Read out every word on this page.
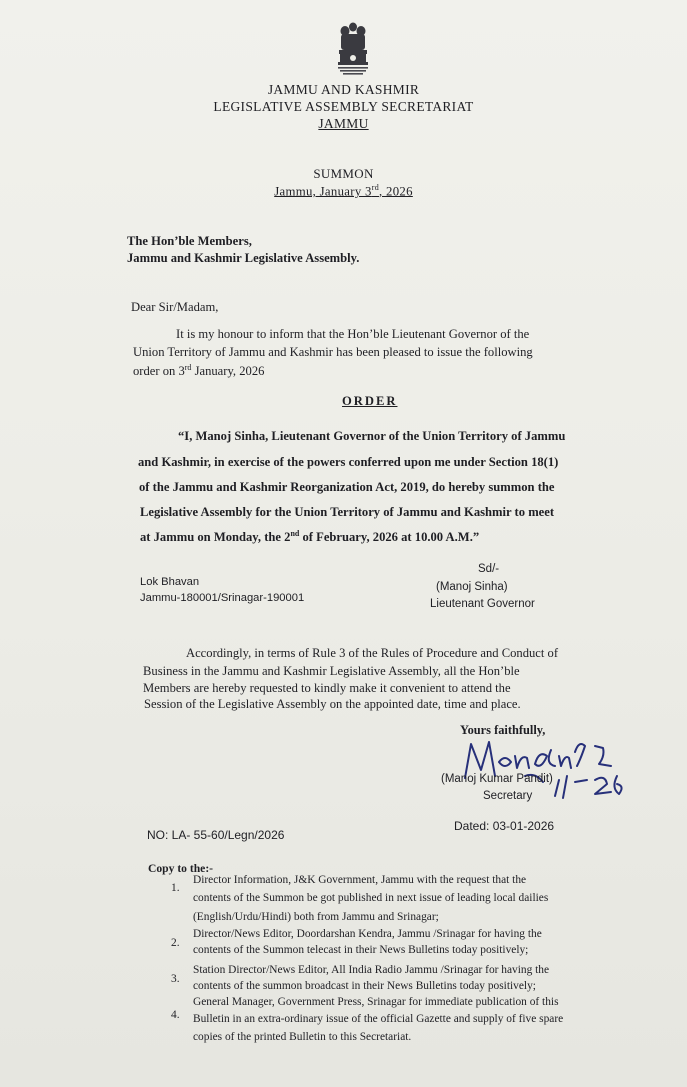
JAMMU AND KASHMIR
LEGISLATIVE ASSEMBLY SECRETARIAT
JAMMU
SUMMON
Jammu, January 3rd, 2026
The Hon’ble Members,
Jammu and Kashmir Legislative Assembly.
Dear Sir/Madam,
It is my honour to inform that the Hon’ble Lieutenant Governor of the
Union Territory of Jammu and Kashmir has been pleased to issue the following
order on 3rd January, 2026
ORDER
“I, Manoj Sinha, Lieutenant Governor of the Union Territory of Jammu
and Kashmir, in exercise of the powers conferred upon me under Section 18(1)
of the Jammu and Kashmir Reorganization Act, 2019, do hereby summon the
Legislative Assembly for the Union Territory of Jammu and Kashmir to meet
at Jammu on Monday, the 2nd of February, 2026 at 10.00 A.M.”
Lok Bhavan
Jammu-180001/Srinagar-190001
Sd/-
(Manoj Sinha)
Lieutenant Governor
Accordingly, in terms of Rule 3 of the Rules of Procedure and Conduct of
Business in the Jammu and Kashmir Legislative Assembly, all the Hon’ble
Members are hereby requested to kindly make it convenient to attend the
Session of the Legislative Assembly on the appointed date, time and place.
Yours faithfully,
(Manoj Kumar Pandit)
Secretary
NO: LA- 55-60/Legn/2026
Dated: 03-01-2026
Copy to the:-
1.
Director Information, J&K Government, Jammu with the request that the
contents of the Summon be got published in next issue of leading local dailies
(English/Urdu/Hindi) both from Jammu and Srinagar;
2.
Director/News Editor, Doordarshan Kendra, Jammu /Srinagar for having the
contents of the Summon telecast in their News Bulletins today positively;
3.
Station Director/News Editor, All India Radio Jammu /Srinagar for having the
contents of the summon broadcast in their News Bulletins today positively;
4.
General Manager, Government Press, Srinagar for immediate publication of this
Bulletin in an extra-ordinary issue of the official Gazette and supply of five spare
copies of the printed Bulletin to this Secretariat.
